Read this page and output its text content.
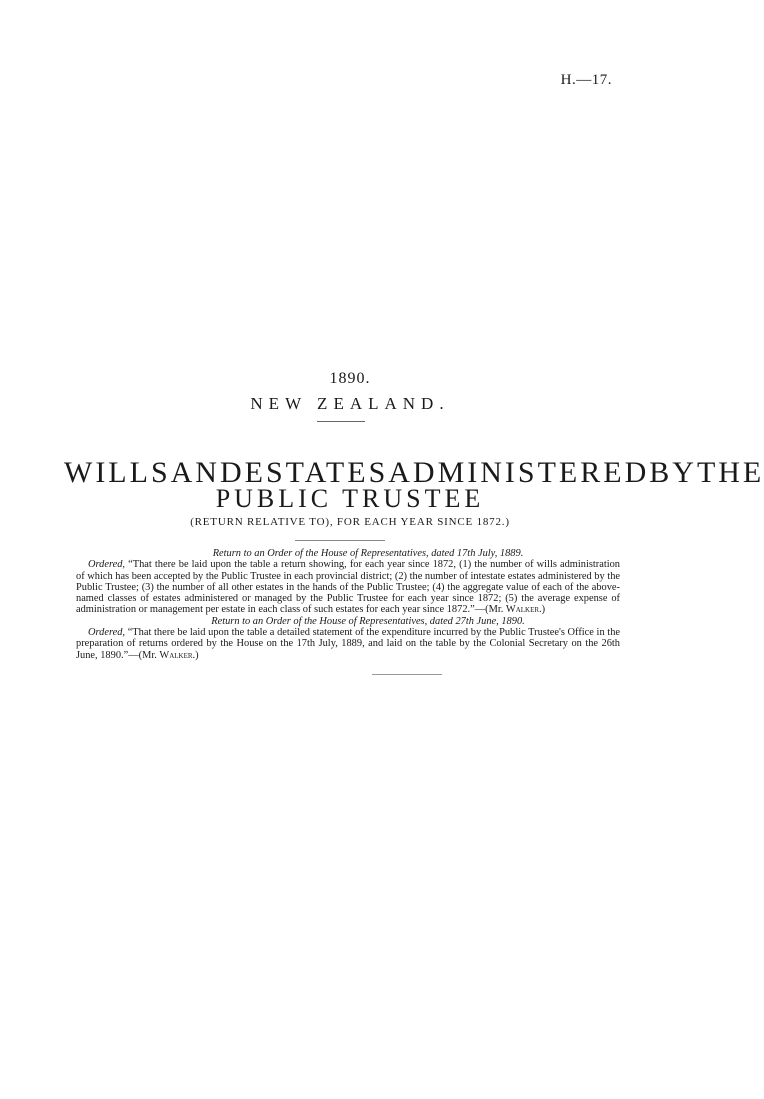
H.—17.
1890.
NEW ZEALAND.
WILLS AND ESTATES ADMINISTERED BY THE
PUBLIC TRUSTEE
(RETURN RELATIVE TO), FOR EACH YEAR SINCE 1872.)

Return to an Order of the House of Representatives, dated 17th July, 1889.

Ordered, “That there be laid upon the table a return showing, for each year since 1872, (1) the number of wills administration of which has been accepted by the Public Trustee in each provincial district; (2) the number of intestate estates administered by the Public Trustee; (3) the number of all other estates in the hands of the Public Trustee; (4) the aggregate value of each of the above-named classes of estates administered or managed by the Public Trustee for each year since 1872; (5) the average expense of administration or management per estate in each class of such estates for each year since 1872.”—(Mr. Walker.)

Return to an Order of the House of Representatives, dated 27th June, 1890.

Ordered, “That there be laid upon the table a detailed statement of the expenditure incurred by the Public Trustee's Office in the preparation of returns ordered by the House on the 17th July, 1889, and laid on the table by the Colonial Secretary on the 26th June, 1890.”—(Mr. Walker.)
